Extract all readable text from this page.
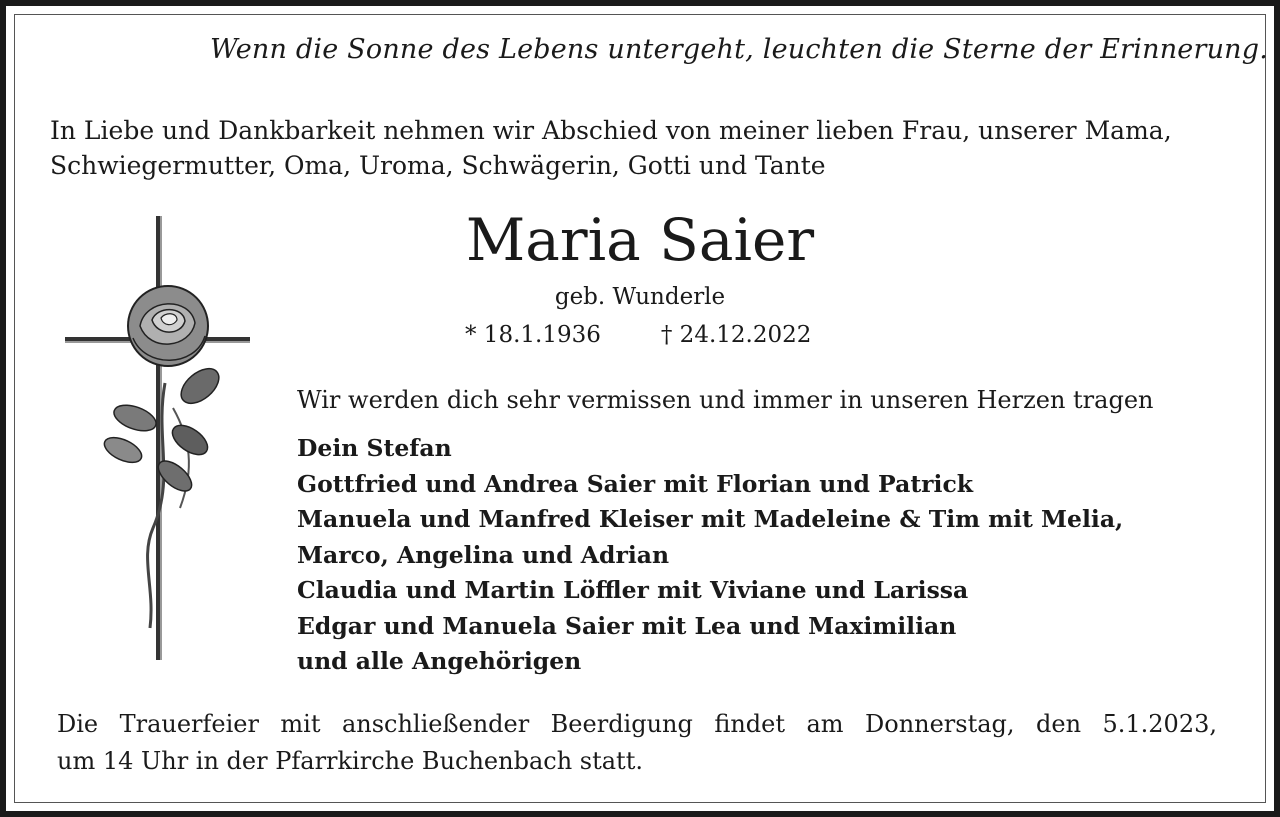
Wenn die Sonne des Lebens untergeht, leuchten die Sterne der Erinnerung.
In Liebe und Dankbarkeit nehmen wir Abschied von meiner lieben Frau, unserer Mama,
Schwiegermutter, Oma, Uroma, Schwägerin, Gotti und Tante
Maria Saier
geb. Wunderle
* 18.1.1936	† 24.12.2022
Wir werden dich sehr vermissen und immer in unseren Herzen tragen
Dein Stefan
Gottfried und Andrea Saier mit Florian und Patrick
Manuela und Manfred Kleiser mit Madeleine & Tim mit Melia,
Marco, Angelina und Adrian
Claudia und Martin Löffler mit Viviane und Larissa
Edgar und Manuela Saier mit Lea und Maximilian
und alle Angehörigen
Die Trauerfeier mit anschließender Beerdigung findet am Donnerstag, den 5.1.2023,
um 14 Uhr in der Pfarrkirche Buchenbach statt.
